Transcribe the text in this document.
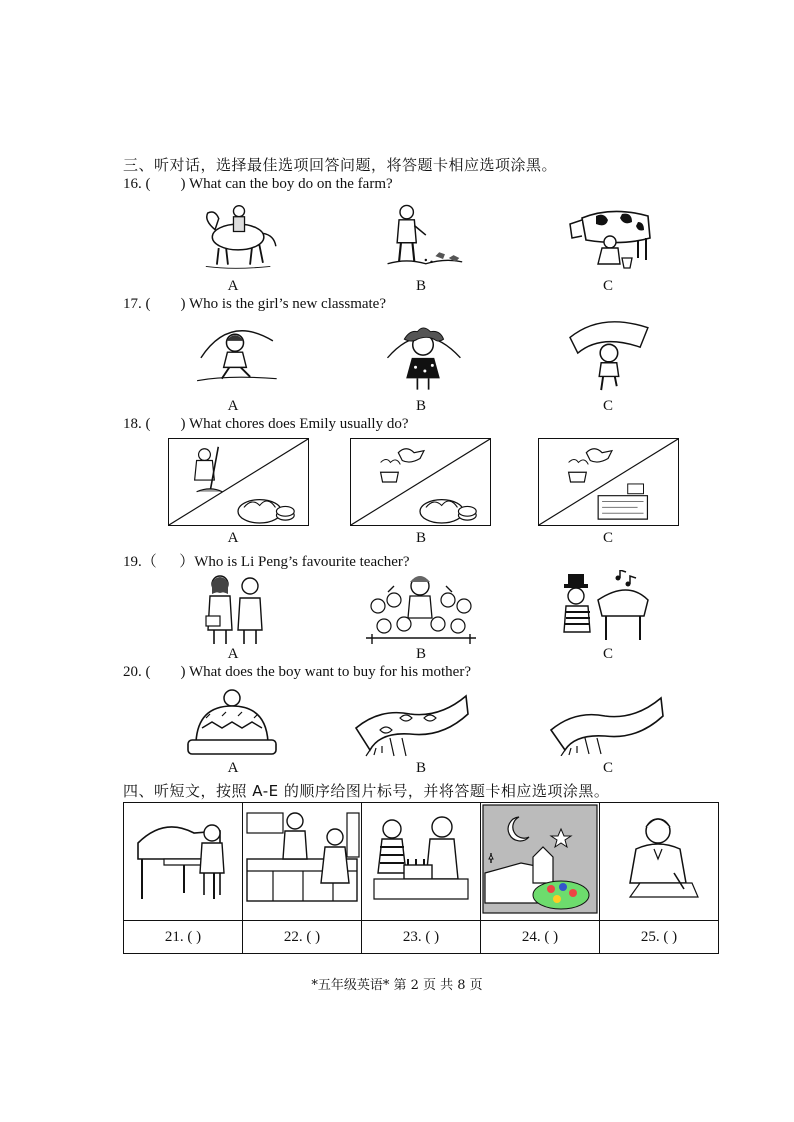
三、听对话，选择最佳选项回答问题，将答题卡相应选项涂黑。
16. (        ) What can the boy do on the farm?
A	B	C
17. (        ) Who is the girl’s new classmate?
A	B	C
18. (        ) What chores does Emily usually do?
A	B	C
19.（      ）Who is Li Peng’s favourite teacher?
A	B	C
20. (        ) What does the boy want to buy for his mother?
A	B	C
四、听短文，按照 A-E 的顺序给图片标号，并将答题卡相应选项涂黑。

21. ( )	22. ( )	23. ( )	24. ( )	25. ( )
*五年级英语* 第 2 页 共 8 页
